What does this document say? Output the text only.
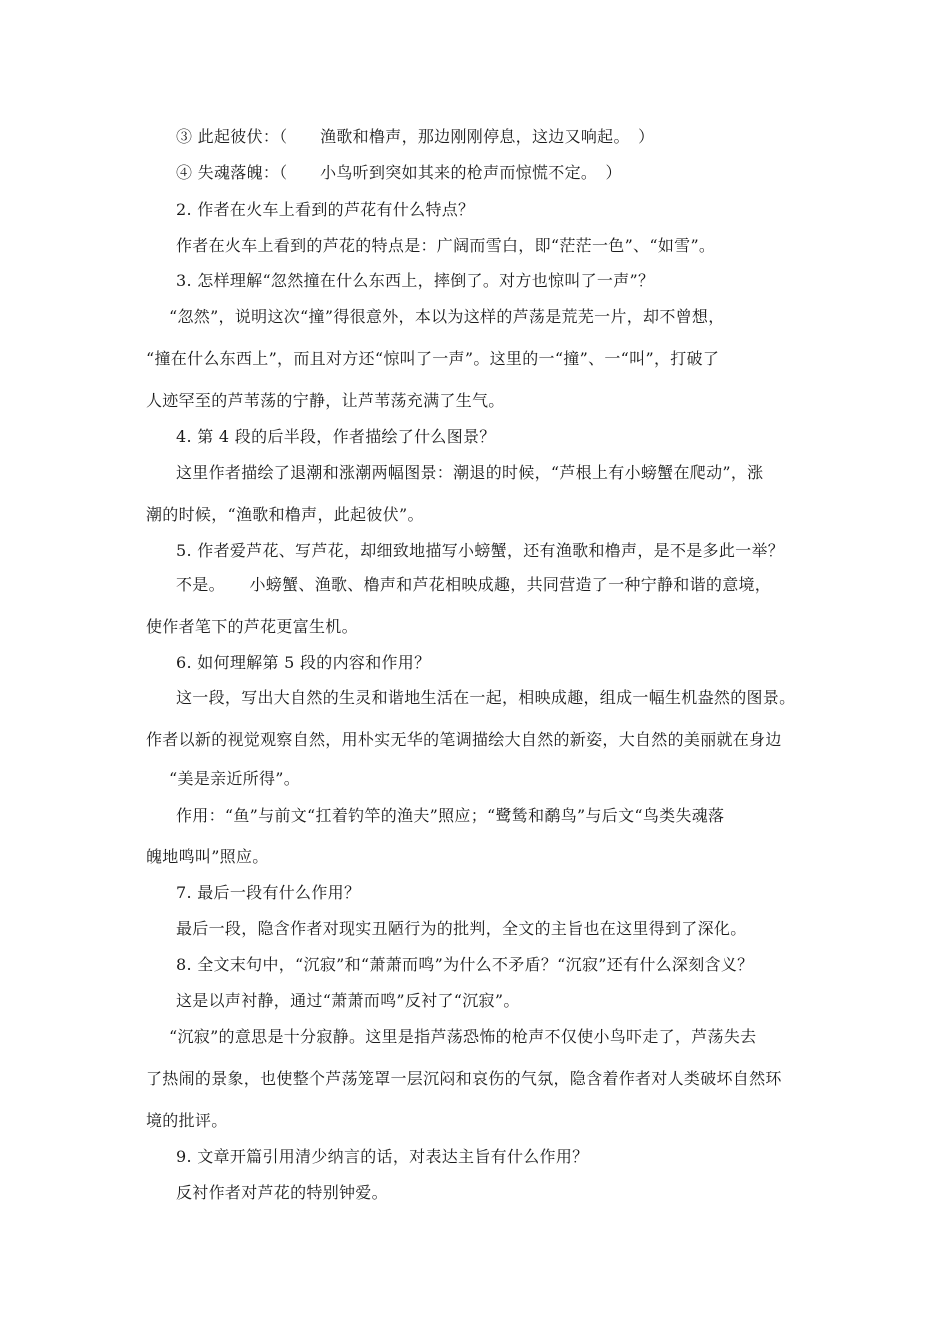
③ 此起彼伏：（　　渔歌和橹声，那边刚刚停息，这边又响起。　）
④ 失魂落魄：（　　小鸟听到突如其来的枪声而惊慌不定。　）
2. 作者在火车上看到的芦花有什么特点？
作者在火车上看到的芦花的特点是：广阔而雪白，即“茫茫一色”、“如雪”。
3. 怎样理解“忽然撞在什么东西上，摔倒了。对方也惊叫了一声”？
“忽然”，说明这次“撞”得很意外，本以为这样的芦荡是荒芜一片，却不曾想，
“撞在什么东西上”，而且对方还“惊叫了一声”。这里的一“撞”、一“叫”，打破了
人迹罕至的芦苇荡的宁静，让芦苇荡充满了生气。
4. 第 4 段的后半段，作者描绘了什么图景？
这里作者描绘了退潮和涨潮两幅图景：潮退的时候，“芦根上有小螃蟹在爬动”，涨
潮的时候，“渔歌和橹声，此起彼伏”。
5. 作者爱芦花、写芦花，却细致地描写小螃蟹，还有渔歌和橹声，是不是多此一举？
不是。　　小螃蟹、渔歌、橹声和芦花相映成趣，共同营造了一种宁静和谐的意境，
使作者笔下的芦花更富生机。
6. 如何理解第 5 段的内容和作用？
这一段，写出大自然的生灵和谐地生活在一起，相映成趣，组成一幅生机盎然的图景。
作者以新的视觉观察自然，用朴实无华的笔调描绘大自然的新姿，大自然的美丽就在身边
“美是亲近所得”。
作用：“鱼”与前文“扛着钓竿的渔夫”照应；“鹭鸶和鹬鸟”与后文“鸟类失魂落
魄地鸣叫”照应。
7. 最后一段有什么作用？
最后一段，隐含作者对现实丑陋行为的批判，全文的主旨也在这里得到了深化。
8. 全文末句中，“沉寂”和“萧萧而鸣”为什么不矛盾？“沉寂”还有什么深刻含义？
这是以声衬静，通过“萧萧而鸣”反衬了“沉寂”。
“沉寂”的意思是十分寂静。这里是指芦荡恐怖的枪声不仅使小鸟吓走了，芦荡失去
了热闹的景象，也使整个芦荡笼罩一层沉闷和哀伤的气氛，隐含着作者对人类破坏自然环
境的批评。
9. 文章开篇引用清少纳言的话，对表达主旨有什么作用？
反衬作者对芦花的特别钟爱。
